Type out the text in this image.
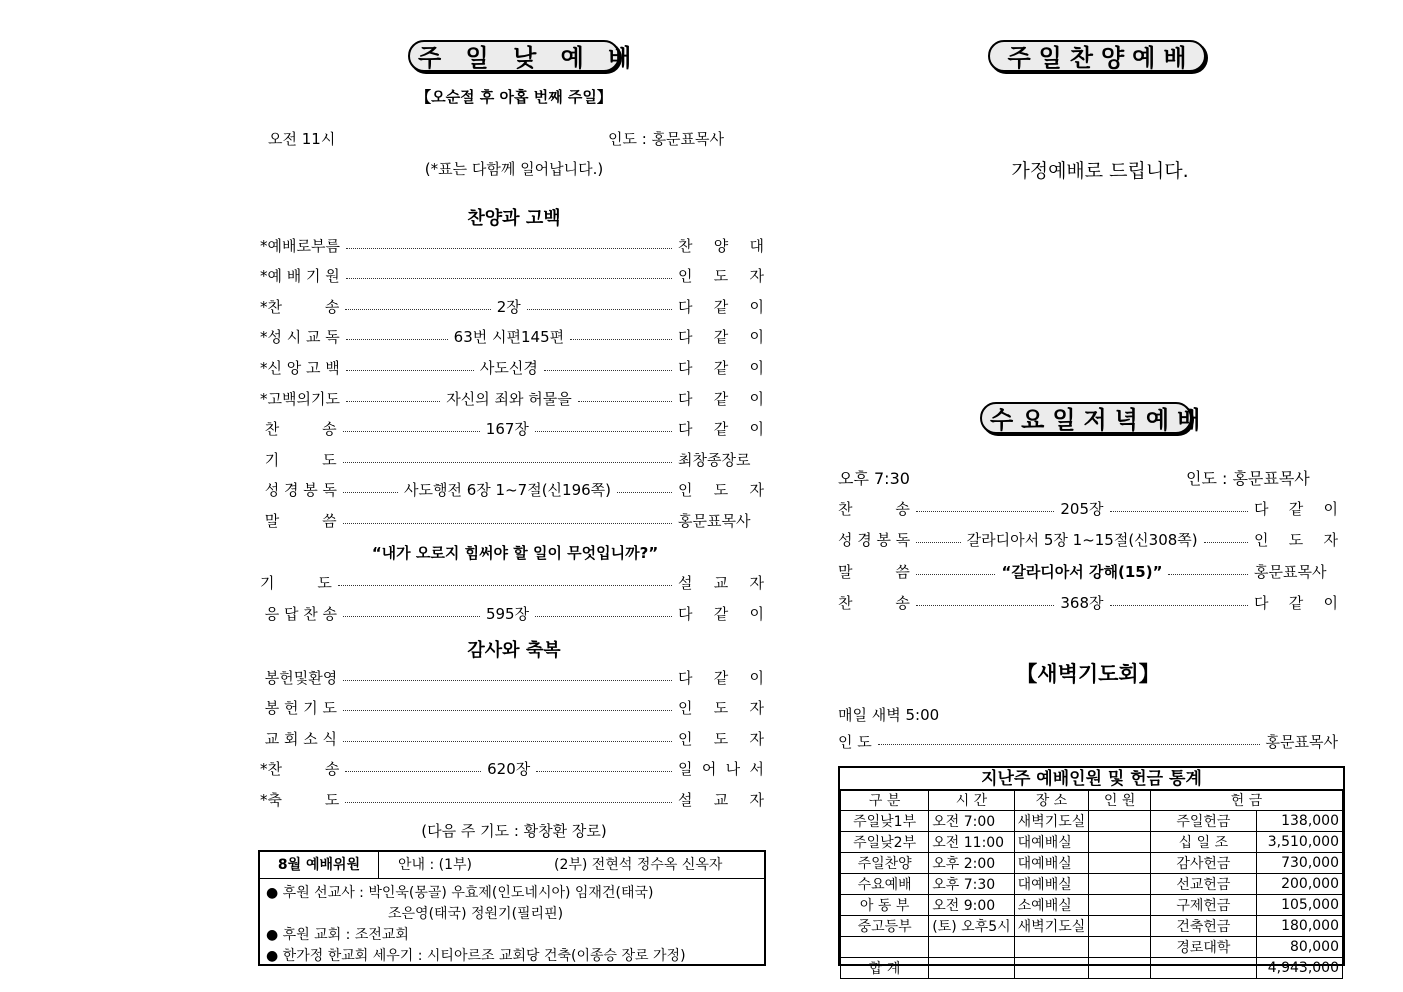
주 일 낮 예 배
【오순절 후 아홉 번째 주일】
오전 11시	인도 : 홍문표목사
(*표는 다함께 일어납니다.)
찬양과 고백
*예배로부름	찬 양 대
*예 배 기 원	인 도 자
*찬         송	2장	다 같 이
*성 시 교 독	63번 시편145편	다 같 이
*신 앙 고 백	사도신경	다 같 이
*고백의기도	자신의 죄와 허물을	다 같 이
찬         송	167장	다 같 이
기         도	최창종장로
성 경 봉 독	사도행전 6장 1~7절(신196쪽)	인 도 자
말         씀	홍문표목사
“내가 오로지 힘써야 할 일이 무엇입니까?”
기         도	설 교 자
응 답 찬 송	595장	다 같 이
감사와 축복
봉헌및환영	다 같 이
봉 헌 기 도	인 도 자
교 회 소 식	인 도 자
*찬         송	620장	일 어 나 서
*축         도	설 교 자
(다음 주 기도 : 황창환 장로)
8월 예배위원	안내 : (1부)	(2부) 전현석 정수옥 신옥자
● 후원 선교사 : 박인욱(몽골) 우효제(인도네시아) 임재건(태국)
조은영(태국) 정원기(필리핀)
● 후원 교회 : 조전교회
● 한가정 한교회 세우기 : 시티아르조 교회당 건축(이종승 장로 가정)
주일찬양예배
가정예배로 드립니다.
수요일저녁예배
오후 7:30	인도 : 홍문표목사
찬         송	205장	다 같 이
성 경 봉 독	갈라디아서 5장 1~15절(신308쪽)	인 도 자
말         씀	“갈라디아서 강해(15)”	홍문표목사
찬         송	368장	다 같 이
【새벽기도회】
매일 새벽 5:00
인 도	홍문표목사
지난주 예배인원 및 헌금 통계
구 분	시 간	장 소	인 원	헌 금	
주일낮1부	오전 7:00	새벽기도실		주일헌금	138,000
주일낮2부	오전 11:00	대예배실		십 일 조	3,510,000
주일찬양	오후 2:00	대예배실		감사헌금	730,000
수요예배	오후 7:30	대예배실		선교헌금	200,000
아 동 부	오전 9:00	소예배실		구제헌금	105,000
중고등부	(토) 오후5시	새벽기도실		건축헌금	180,000
				경로대학	80,000
합 계					4,943,000
